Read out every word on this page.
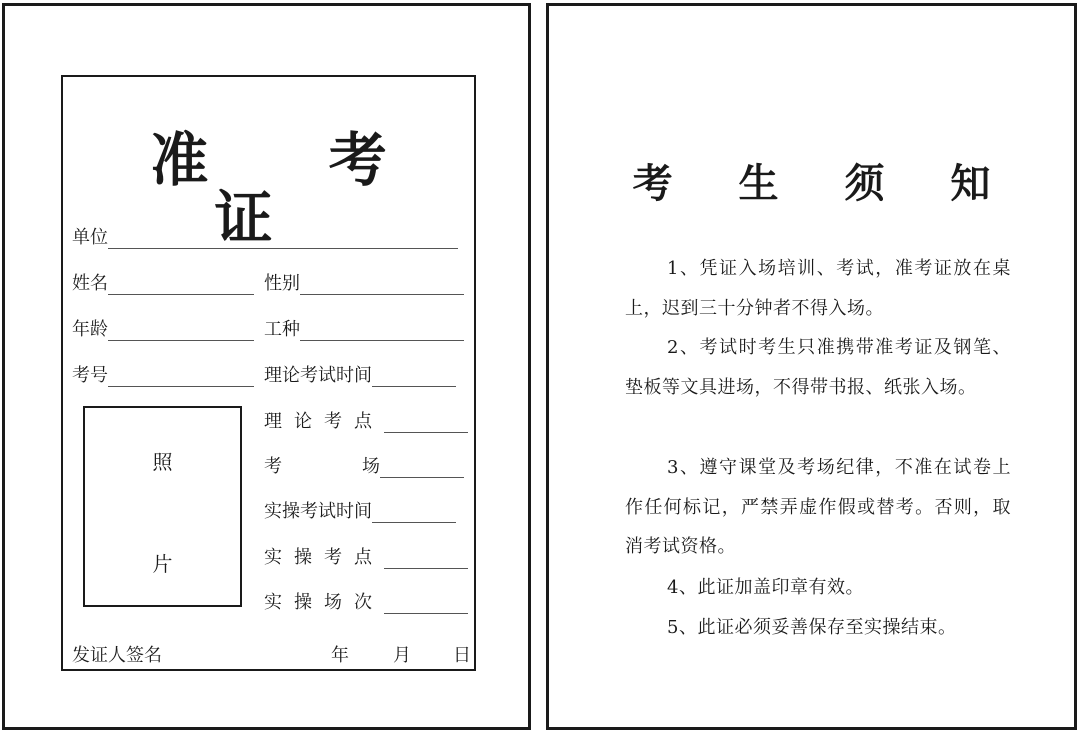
准 考 证
单位
姓名	性别
年龄	工种
考号	理论考试时间
照
片
理论考点
考场
实操考试时间
实操考点
实操场次
发证人签名	年 月 日
考 生 须 知

1、凭证入场培训、考试，准考证放在桌上，迟到三十分钟者不得入场。

2、考试时考生只准携带准考证及钢笔、垫板等文具进场，不得带书报、纸张入场。

3、遵守课堂及考场纪律，不准在试卷上作任何标记，严禁弄虚作假或替考。否则，取消考试资格。

4、此证加盖印章有效。

5、此证必须妥善保存至实操结束。
